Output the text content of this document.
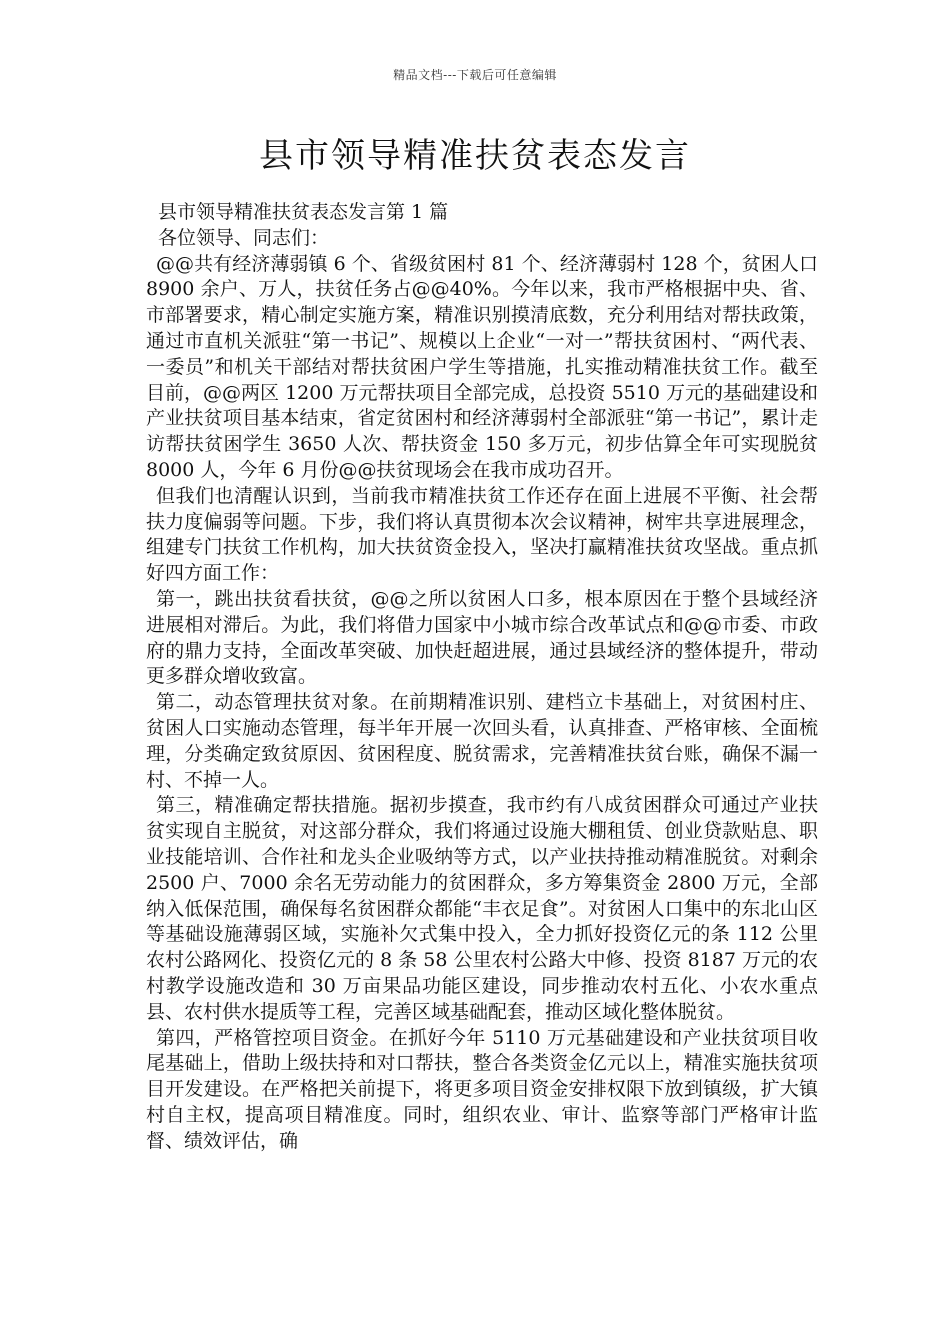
精品文档---下载后可任意编辑
县市领导精准扶贫表态发言

县市领导精准扶贫表态发言第 1 篇

各位领导、同志们：

@@共有经济薄弱镇 6 个、省级贫困村 81 个、经济薄弱村 128 个，贫困人口 8900 余户、万人，扶贫任务占@@40%。今年以来，我市严格根据中央、省、市部署要求，精心制定实施方案，精准识别摸清底数，充分利用结对帮扶政策，通过市直机关派驻“第一书记”、规模以上企业“一对一”帮扶贫困村、“两代表、一委员”和机关干部结对帮扶贫困户学生等措施，扎实推动精准扶贫工作。截至目前，@@两区 1200 万元帮扶项目全部完成，总投资 5510 万元的基础建设和产业扶贫项目基本结束，省定贫困村和经济薄弱村全部派驻“第一书记”，累计走访帮扶贫困学生 3650 人次、帮扶资金 150 多万元，初步估算全年可实现脱贫 8000 人，今年 6 月份@@扶贫现场会在我市成功召开。

但我们也清醒认识到，当前我市精准扶贫工作还存在面上进展不平衡、社会帮扶力度偏弱等问题。下步，我们将认真贯彻本次会议精神，树牢共享进展理念，组建专门扶贫工作机构，加大扶贫资金投入，坚决打赢精准扶贫攻坚战。重点抓好四方面工作：

第一，跳出扶贫看扶贫，@@之所以贫困人口多，根本原因在于整个县域经济进展相对滞后。为此，我们将借力国家中小城市综合改革试点和@@市委、市政府的鼎力支持，全面改革突破、加快赶超进展，通过县域经济的整体提升，带动更多群众增收致富。

第二，动态管理扶贫对象。在前期精准识别、建档立卡基础上，对贫困村庄、贫困人口实施动态管理，每半年开展一次回头看，认真排查、严格审核、全面梳理，分类确定致贫原因、贫困程度、脱贫需求，完善精准扶贫台账，确保不漏一村、不掉一人。

第三，精准确定帮扶措施。据初步摸查，我市约有八成贫困群众可通过产业扶贫实现自主脱贫，对这部分群众，我们将通过设施大棚租赁、创业贷款贴息、职业技能培训、合作社和龙头企业吸纳等方式，以产业扶持推动精准脱贫。对剩余 2500 户、7000 余名无劳动能力的贫困群众，多方筹集资金 2800 万元，全部纳入低保范围，确保每名贫困群众都能“丰衣足食”。对贫困人口集中的东北山区等基础设施薄弱区域，实施补欠式集中投入，全力抓好投资亿元的条 112 公里农村公路网化、投资亿元的 8 条 58 公里农村公路大中修、投资 8187 万元的农村教学设施改造和 30 万亩果品功能区建设，同步推动农村五化、小农水重点县、农村供水提质等工程，完善区域基础配套，推动区域化整体脱贫。

第四，严格管控项目资金。在抓好今年 5110 万元基础建设和产业扶贫项目收尾基础上，借助上级扶持和对口帮扶，整合各类资金亿元以上，精准实施扶贫项目开发建设。在严格把关前提下，将更多项目资金安排权限下放到镇级，扩大镇村自主权，提高项目精准度。同时，组织农业、审计、监察等部门严格审计监督、绩效评估，确
